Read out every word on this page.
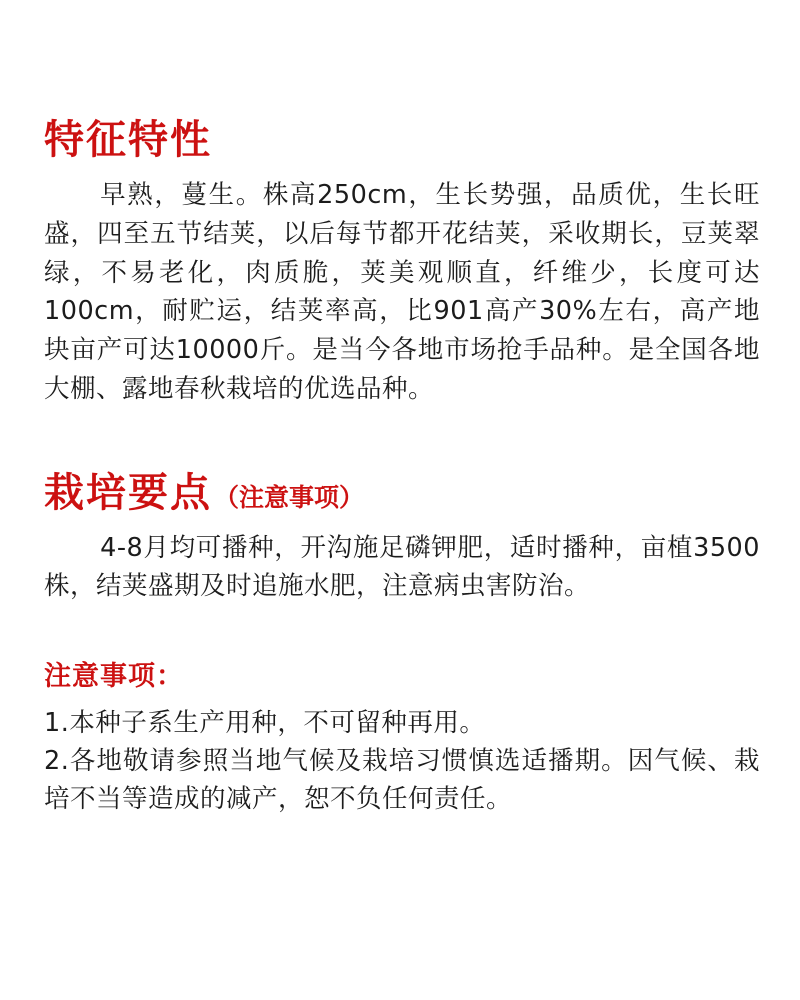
特征特性

早熟，蔓生。株高250cm，生长势强，品质优，生长旺盛，四至五节结荚，以后每节都开花结荚，采收期长，豆荚翠绿，不易老化，肉质脆，荚美观顺直，纤维少，长度可达100cm，耐贮运，结荚率高，比901高产30%左右，高产地块亩产可达10000斤。是当今各地市场抢手品种。是全国各地大棚、露地春秋栽培的优选品种。

栽培要点 （注意事项）

4-8月均可播种，开沟施足磷钾肥，适时播种，亩植3500株，结荚盛期及时追施水肥，注意病虫害防治。

注意事项：
1.本种子系生产用种，不可留种再用。
2.各地敬请参照当地气候及栽培习惯慎选适播期。因气候、栽培不当等造成的减产，恕不负任何责任。
